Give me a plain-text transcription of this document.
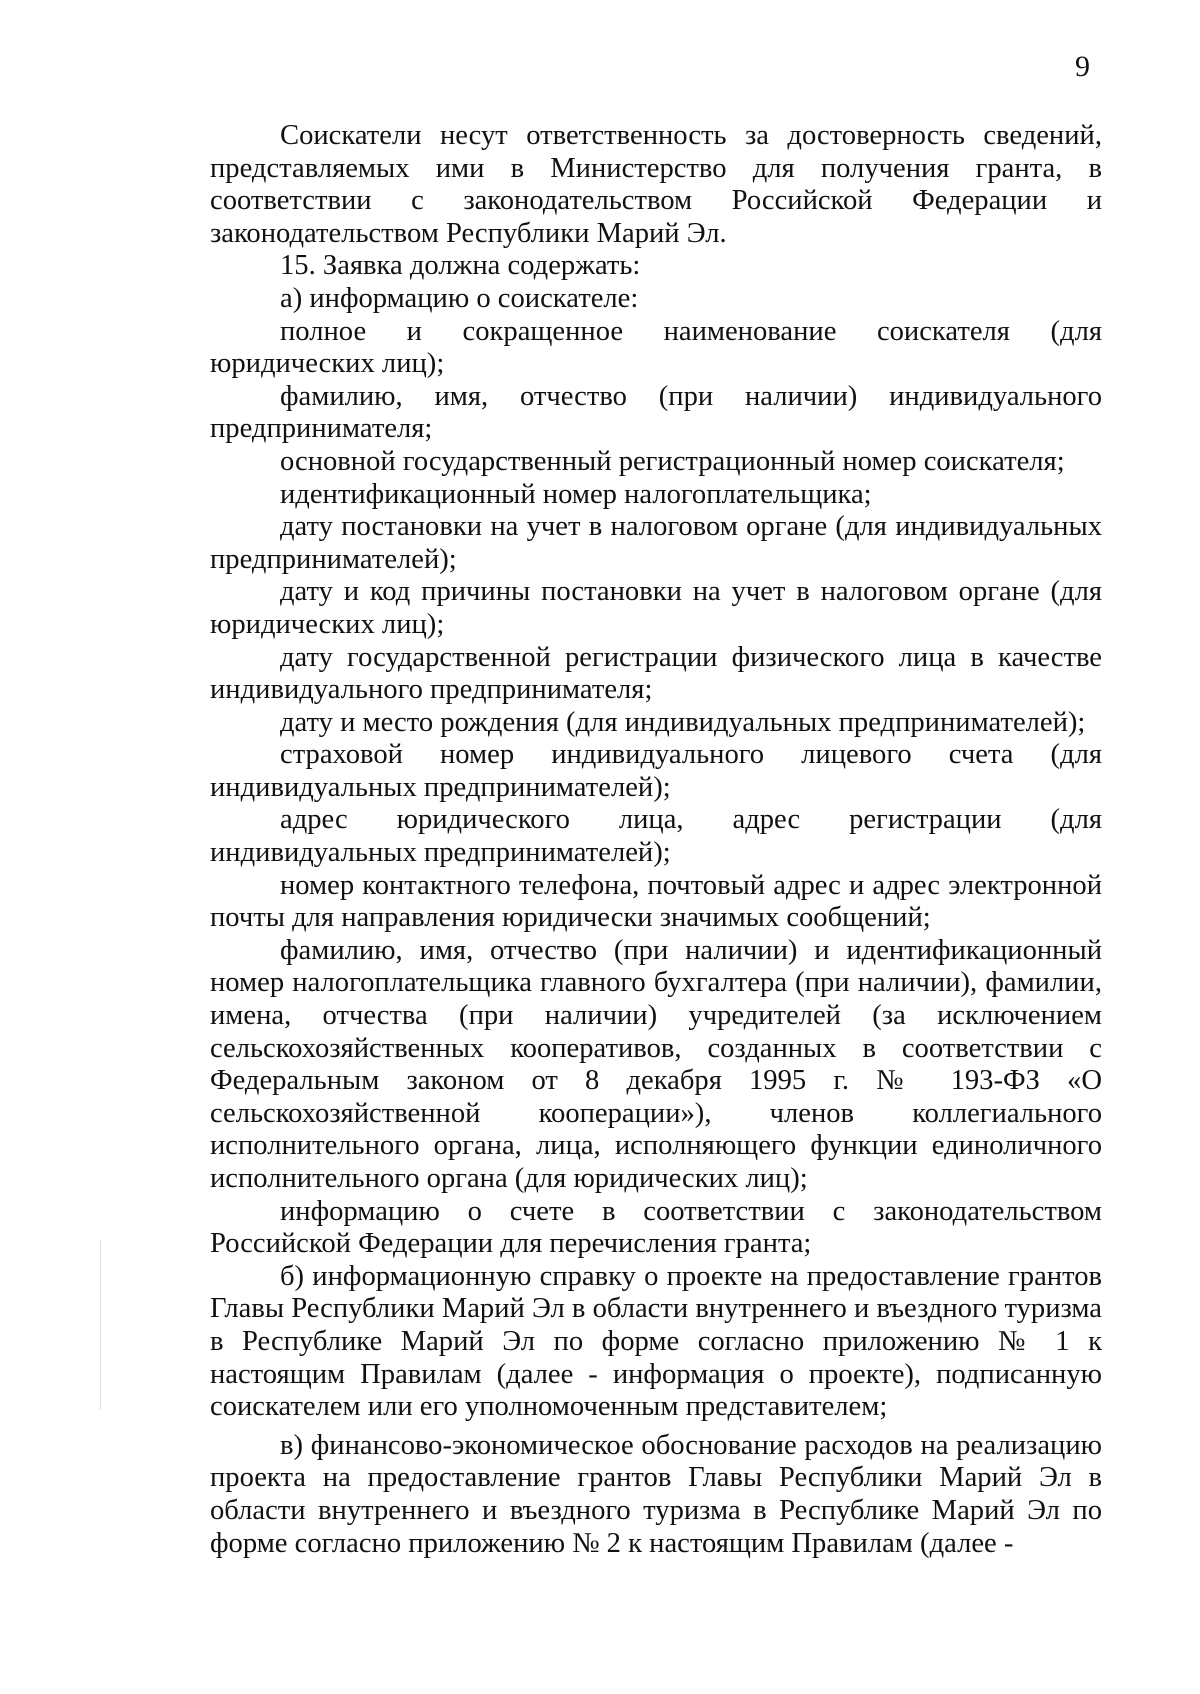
9

Соискатели несут ответственность за достоверность сведений, представляемых ими в Министерство для получения гранта, в соответствии с законодательством Российской Федерации и законодательством Республики Марий Эл.

15. Заявка должна содержать:

а) информацию о соискателе:

полное и сокращенное наименование соискателя (для юридических лиц);

фамилию, имя, отчество (при наличии) индивидуального предпринимателя;

основной государственный регистрационный номер соискателя;

идентификационный номер налогоплательщика;

дату постановки на учет в налоговом органе (для индивидуальных предпринимателей);

дату и код причины постановки на учет в налоговом органе (для юридических лиц);

дату государственной регистрации физического лица в качестве индивидуального предпринимателя;

дату и место рождения (для индивидуальных предпринимателей);

страховой номер индивидуального лицевого счета (для индивидуальных предпринимателей);

адрес юридического лица, адрес регистрации (для индивидуальных предпринимателей);

номер контактного телефона, почтовый адрес и адрес электронной почты для направления юридически значимых сообщений;

фамилию, имя, отчество (при наличии) и идентификационный номер налогоплательщика главного бухгалтера (при наличии), фамилии, имена, отчества (при наличии) учредителей (за исключением сельскохозяйственных кооперативов, созданных в соответствии с Федеральным законом от 8 декабря 1995 г. № 193-ФЗ «О сельскохозяйственной кооперации»), членов коллегиального исполнительного органа, лица, исполняющего функции единоличного исполнительного органа (для юридических лиц);

информацию о счете в соответствии с законодательством Российской Федерации для перечисления гранта;

б) информационную справку о проекте на предоставление грантов Главы Республики Марий Эл в области внутреннего и въездного туризма в Республике Марий Эл по форме согласно приложению № 1 к настоящим Правилам (далее - информация о проекте), подписанную соискателем или его уполномоченным представителем;

в) финансово-экономическое обоснование расходов на реализацию проекта на предоставление грантов Главы Республики Марий Эл в области внутреннего и въездного туризма в Республике Марий Эл по форме согласно приложению № 2 к настоящим Правилам (далее -
